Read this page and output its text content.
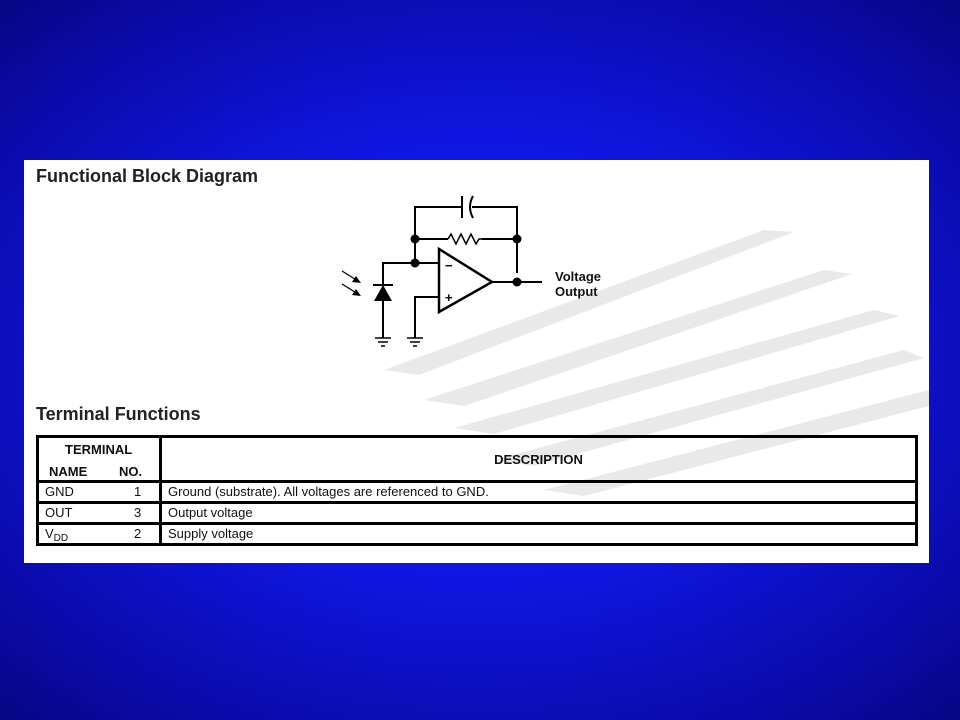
Functional Block Diagram
−
+
Voltage
Output
Terminal Functions
TERMINAL
NAME NO.	DESCRIPTION

GND 1	Ground (substrate). All voltages are referenced to GND.

OUT 3	Output voltage

$V_{DD}$ 2	Supply voltage
